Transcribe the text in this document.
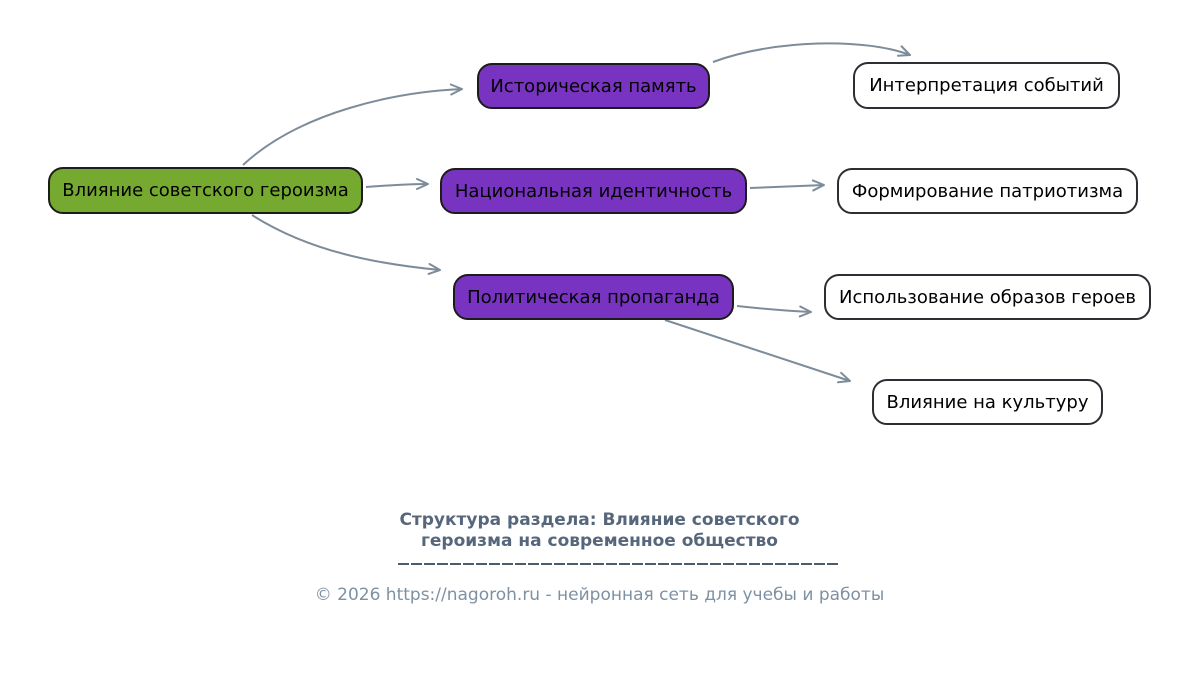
Влияние советского героизма
Историческая память
Национальная идентичность
Политическая пропаганда
Интерпретация событий
Формирование патриотизма
Использование образов героев
Влияние на культуру
Структура раздела: Влияние советского
героизма на современное общество
© 2026 https://nagoroh.ru - нейронная сеть для учебы и работы
